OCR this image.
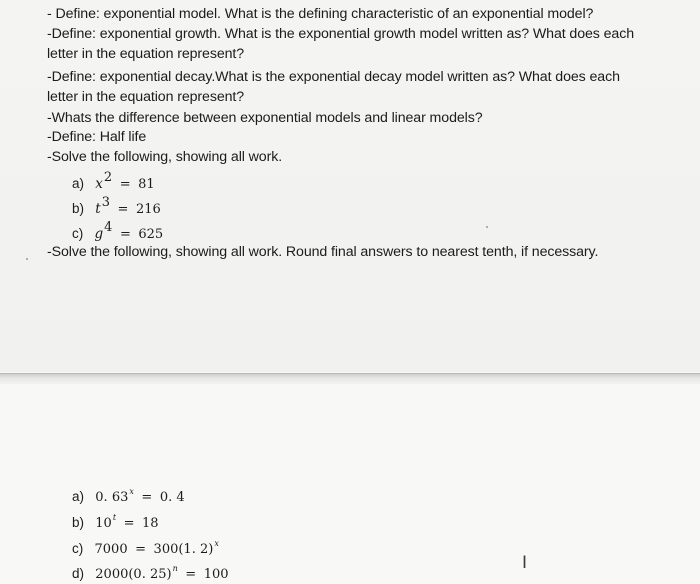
- Define: exponential model. What is the defining characteristic of an exponential model?
-Define: exponential growth. What is the exponential growth model written as? What does each
letter in the equation represent?
-Define: exponential decay.What is the exponential decay model written as? What does each
letter in the equation represent?
-Whats the difference between exponential models and linear models?
-Define: Half life
-Solve the following, showing all work.
a) $x^2 = 81$
b) $t^3 = 216$
c) $g^4 = 625$
-Solve the following, showing all work. Round final answers to nearest tenth, if necessary.
a) 0. $63^x = 0$. 4
b) $10^t = 18$
c) 7000 = 300(1. 2)$^x$
d) 2000(0. 25)$^n$ = 100
I
